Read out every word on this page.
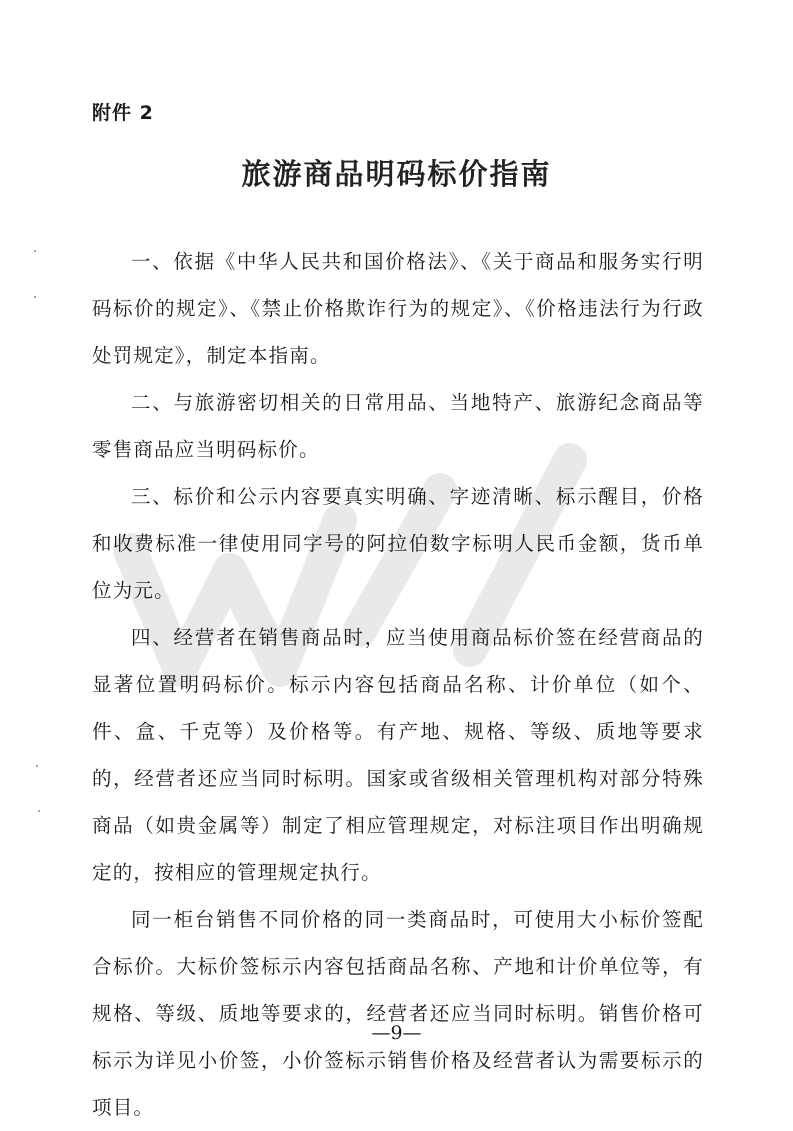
附件 2
旅游商品明码标价指南

一、依据《中华人民共和国价格法》、《关于商品和服务实行明码标价的规定》、《禁止价格欺诈行为的规定》、《价格违法行为行政处罚规定》，制定本指南。

二、与旅游密切相关的日常用品、当地特产、旅游纪念商品等零售商品应当明码标价。

三、标价和公示内容要真实明确、字迹清晰、标示醒目，价格和收费标准一律使用同字号的阿拉伯数字标明人民币金额，货币单位为元。

四、经营者在销售商品时，应当使用商品标价签在经营商品的显著位置明码标价。标示内容包括商品名称、计价单位（如个、件、盒、千克等）及价格等。有产地、规格、等级、质地等要求的，经营者还应当同时标明。国家或省级相关管理机构对部分特殊商品（如贵金属等）制定了相应管理规定，对标注项目作出明确规定的，按相应的管理规定执行。

同一柜台销售不同价格的同一类商品时，可使用大小标价签配合标价。大标价签标示内容包括商品名称、产地和计价单位等，有规格、等级、质地等要求的，经营者还应当同时标明。销售价格可标示为详见小价签，小价签标示销售价格及经营者认为需要标示的项目。

—9—
